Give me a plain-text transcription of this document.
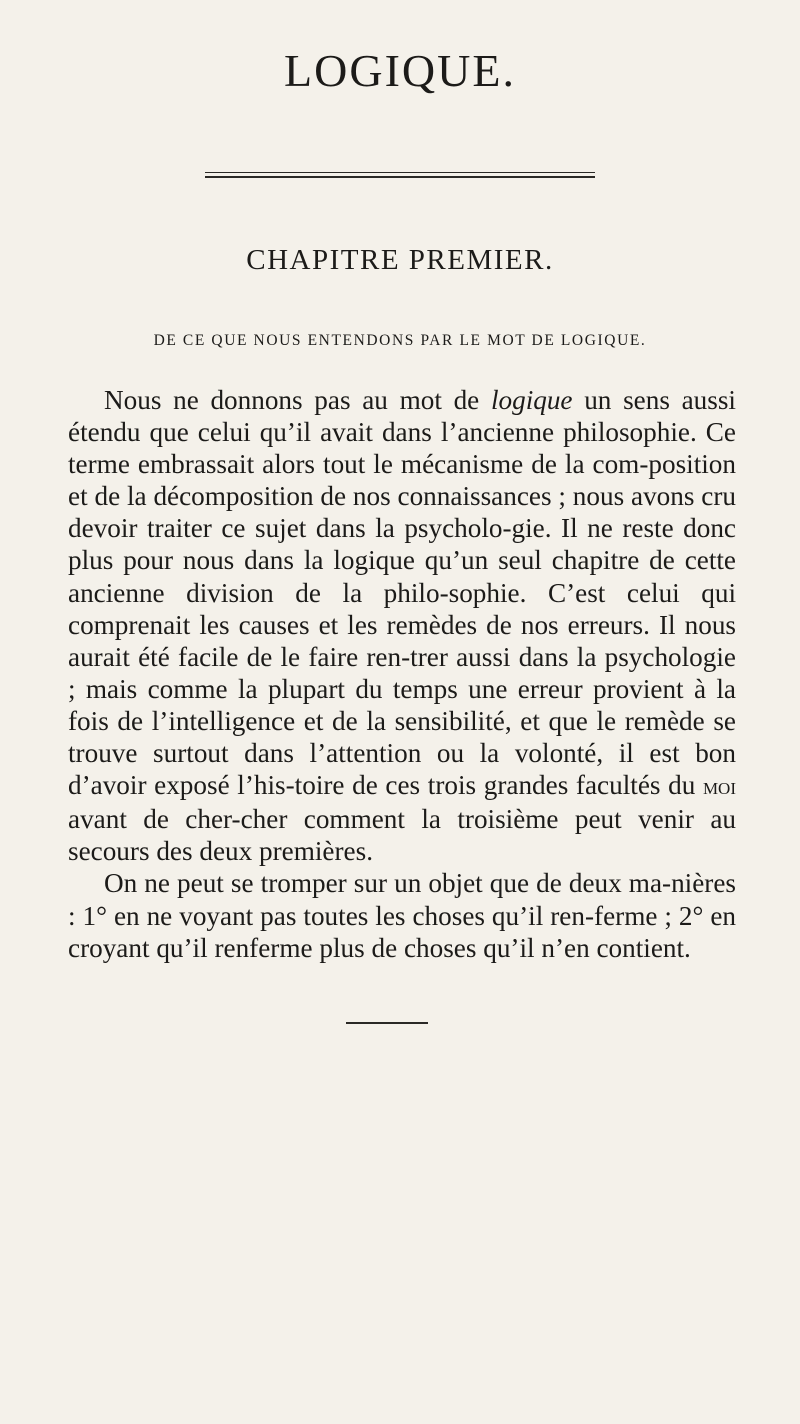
LOGIQUE.
CHAPITRE PREMIER.
DE CE QUE NOUS ENTENDONS PAR LE MOT DE LOGIQUE.

Nous ne donnons pas au mot de logique un sens aussi étendu que celui qu’il avait dans l’ancienne philosophie. Ce terme embrassait alors tout le mécanisme de la com-position et de la décomposition de nos connaissances ; nous avons cru devoir traiter ce sujet dans la psycholo-gie. Il ne reste donc plus pour nous dans la logique qu’un seul chapitre de cette ancienne division de la philo-sophie. C’est celui qui comprenait les causes et les remèdes de nos erreurs. Il nous aurait été facile de le faire ren-trer aussi dans la psychologie ; mais comme la plupart du temps une erreur provient à la fois de l’intelligence et de la sensibilité, et que le remède se trouve surtout dans l’attention ou la volonté, il est bon d’avoir exposé l’his-toire de ces trois grandes facultés du moi avant de cher-cher comment la troisième peut venir au secours des deux premières.

On ne peut se tromper sur un objet que de deux ma-nières : 1° en ne voyant pas toutes les choses qu’il ren-ferme ; 2° en croyant qu’il renferme plus de choses qu’il n’en contient.
